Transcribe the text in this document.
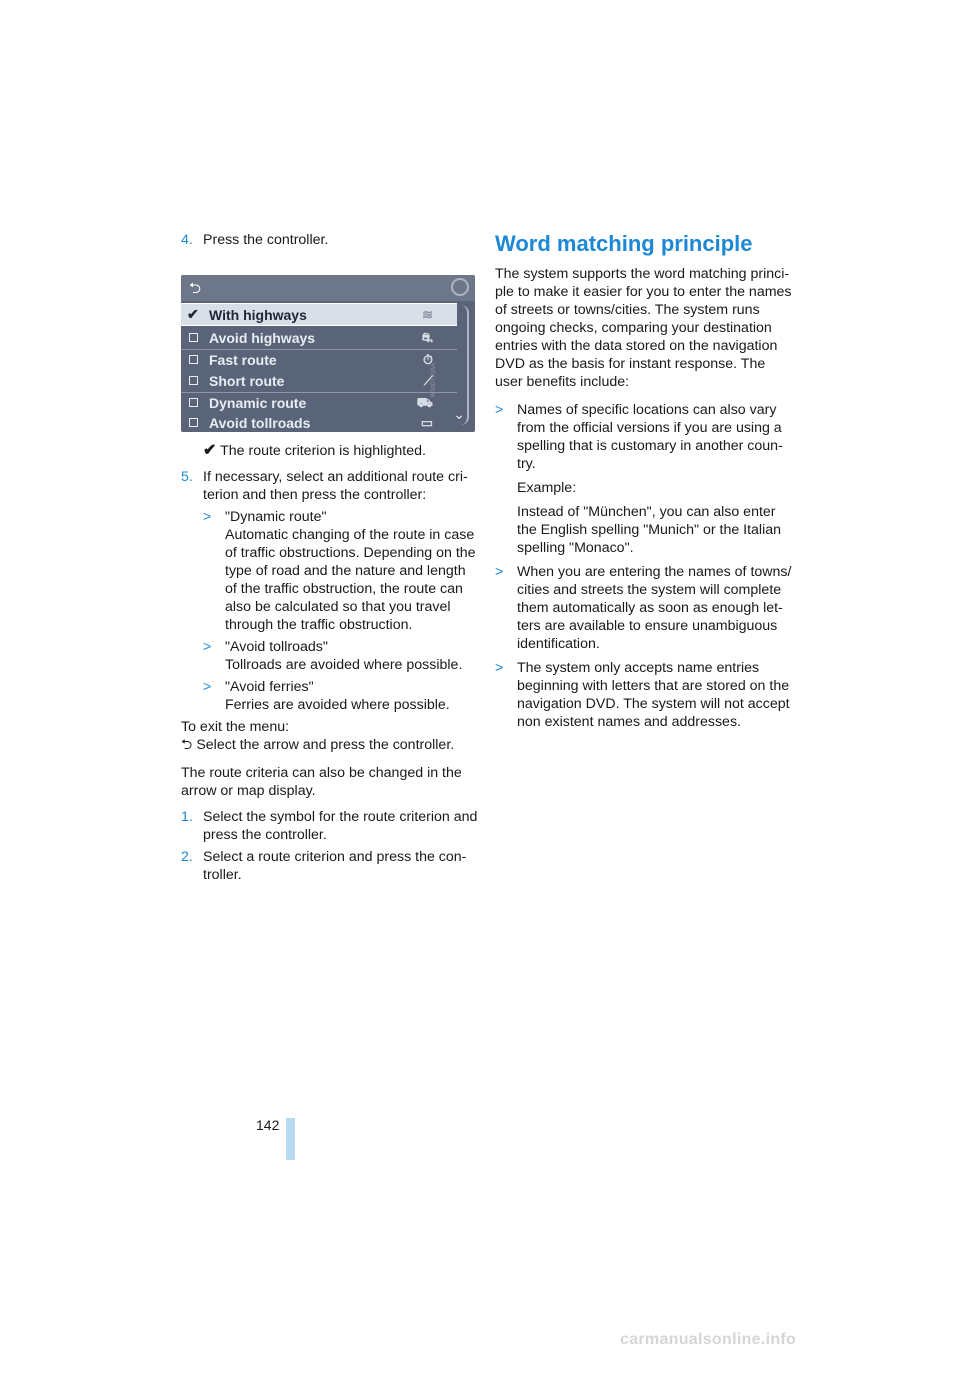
4. Press the controller.
⮌
✔ With highways	≋
Avoid highways	⛐
Fast route	⏱
Short route	⟋
Dynamic route	⛟
Avoid tollroads	▭
⌄
W9007V0AA

✔ The route criterion is highlighted.

5. If necessary, select an additional route cri-terion and then press the controller:
> "Dynamic route"
Automatic changing of the route in case of traffic obstructions. Depending on the type of road and the nature and length of the traffic obstruction, the route can also be calculated so that you travel through the traffic obstruction.
> "Avoid tollroads"
Tollroads are avoided where possible.
> "Avoid ferries"
Ferries are avoided where possible.

To exit the menu:

⮌ Select the arrow and press the controller.

The route criteria can also be changed in the arrow or map display.

1. Select the symbol for the route criterion and press the controller.
2. Select a route criterion and press the con-troller.
Word matching principle

The system supports the word matching princi-ple to make it easier for you to enter the names of streets or towns/cities. The system runs ongoing checks, comparing your destination entries with the data stored on the navigation DVD as the basis for instant response. The user benefits include:

> Names of specific locations can also vary from the official versions if you are using a spelling that is customary in another coun-try.
Example:
Instead of "München", you can also enter the English spelling "Munich" or the Italian spelling "Monaco".
> When you are entering the names of towns/ cities and streets the system will complete them automatically as soon as enough let-ters are available to ensure unambiguous identification.
> The system only accepts name entries beginning with letters that are stored on the navigation DVD. The system will not accept non existent names and addresses.
142
carmanualsonline.info
